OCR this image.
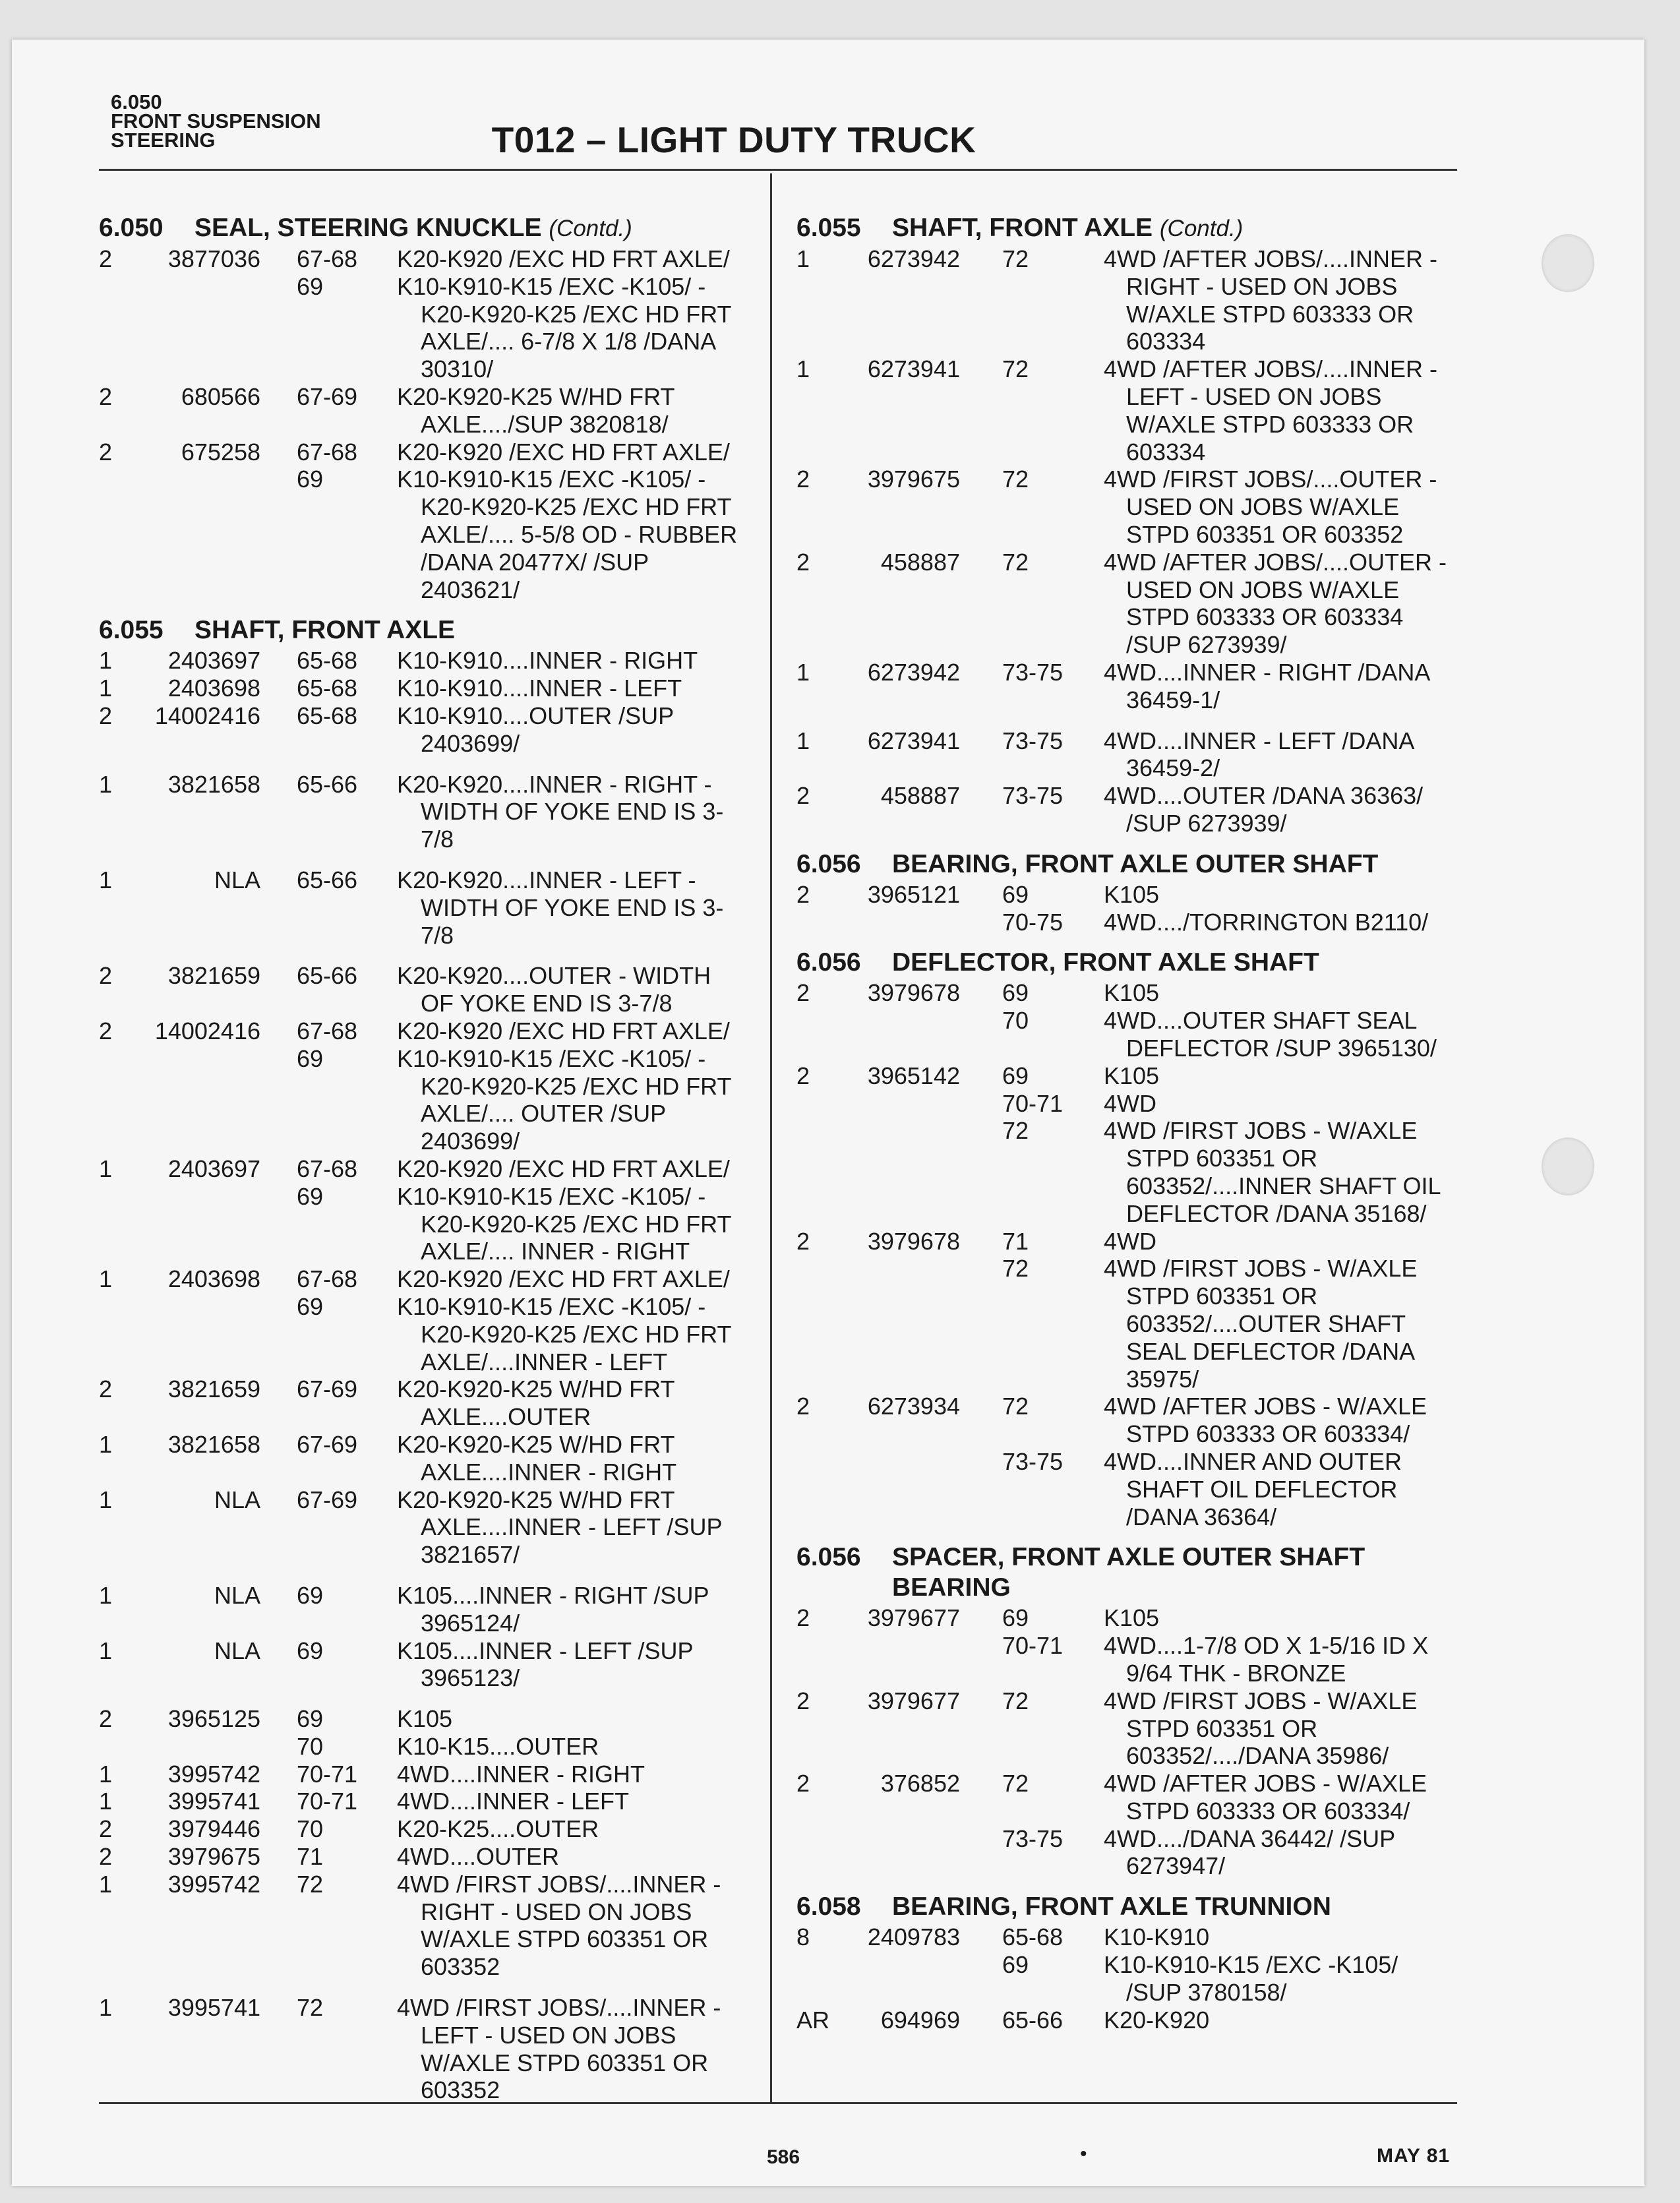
6.050
FRONT SUSPENSION
STEERING	T012 – LIGHT DUTY TRUCK
6.050 SEAL, STEERING KNUCKLE (Contd.)
2	3877036 67-68 K20-K920 /EXC HD FRT AXLE/
69	K10-K910-K15 /EXC -K105/ -
K20-K920-K25 /EXC HD FRT
AXLE/.... 6-7/8 X 1/8 /DANA
30310/
2	680566 67-69 K20-K920-K25 W/HD FRT
AXLE..../SUP 3820818/
2	675258 67-68 K20-K920 /EXC HD FRT AXLE/
69	K10-K910-K15 /EXC -K105/ -
K20-K920-K25 /EXC HD FRT
AXLE/.... 5-5/8 OD - RUBBER
/DANA 20477X/ /SUP
2403621/
6.055 SHAFT, FRONT AXLE
1	2403697 65-68 K10-K910....INNER - RIGHT
1	2403698 65-68 K10-K910....INNER - LEFT
2	14002416 65-68 K10-K910....OUTER /SUP
2403699/
1	3821658 65-66 K20-K920....INNER - RIGHT -
WIDTH OF YOKE END IS 3-
7/8
1	NLA 65-66 K20-K920....INNER - LEFT -
WIDTH OF YOKE END IS 3-
7/8
2	3821659 65-66 K20-K920....OUTER - WIDTH
OF YOKE END IS 3-7/8
2	14002416 67-68 K20-K920 /EXC HD FRT AXLE/
69	K10-K910-K15 /EXC -K105/ -
K20-K920-K25 /EXC HD FRT
AXLE/.... OUTER /SUP
2403699/
1	2403697 67-68 K20-K920 /EXC HD FRT AXLE/
69	K10-K910-K15 /EXC -K105/ -
K20-K920-K25 /EXC HD FRT
AXLE/.... INNER - RIGHT
1	2403698 67-68 K20-K920 /EXC HD FRT AXLE/
69	K10-K910-K15 /EXC -K105/ -
K20-K920-K25 /EXC HD FRT
AXLE/....INNER - LEFT
2	3821659 67-69 K20-K920-K25 W/HD FRT
AXLE....OUTER
1	3821658 67-69 K20-K920-K25 W/HD FRT
AXLE....INNER - RIGHT
1	NLA 67-69 K20-K920-K25 W/HD FRT
AXLE....INNER - LEFT /SUP
3821657/
1	NLA 69	K105....INNER - RIGHT /SUP
3965124/
1	NLA 69	K105....INNER - LEFT /SUP
3965123/
2	3965125 69	K105
70	K10-K15....OUTER
1	3995742 70-71 4WD....INNER - RIGHT
1	3995741 70-71 4WD....INNER - LEFT
2	3979446 70	K20-K25....OUTER
2	3979675 71	4WD....OUTER
1	3995742 72	4WD /FIRST JOBS/....INNER -
RIGHT - USED ON JOBS
W/AXLE STPD 603351 OR
603352
1	3995741 72	4WD /FIRST JOBS/....INNER -
LEFT - USED ON JOBS
W/AXLE STPD 603351 OR
603352
6.055 SHAFT, FRONT AXLE (Contd.)
1	6273942 72	4WD /AFTER JOBS/....INNER -
RIGHT - USED ON JOBS
W/AXLE STPD 603333 OR
603334
1	6273941 72	4WD /AFTER JOBS/....INNER -
LEFT - USED ON JOBS
W/AXLE STPD 603333 OR
603334
2	3979675 72	4WD /FIRST JOBS/....OUTER -
USED ON JOBS W/AXLE
STPD 603351 OR 603352
2	458887 72	4WD /AFTER JOBS/....OUTER -
USED ON JOBS W/AXLE
STPD 603333 OR 603334
/SUP 6273939/
1	6273942 73-75 4WD....INNER - RIGHT /DANA
36459-1/
1	6273941 73-75 4WD....INNER - LEFT /DANA
36459-2/
2	458887 73-75 4WD....OUTER /DANA 36363/
/SUP 6273939/
6.056 BEARING, FRONT AXLE OUTER SHAFT
2	3965121 69	K105
70-75 4WD..../TORRINGTON B2110/
6.056 DEFLECTOR, FRONT AXLE SHAFT
2	3979678 69	K105
70	4WD....OUTER SHAFT SEAL
DEFLECTOR /SUP 3965130/
2	3965142 69	K105
70-71 4WD
72	4WD /FIRST JOBS - W/AXLE
STPD 603351 OR
603352/....INNER SHAFT OIL
DEFLECTOR /DANA 35168/
2	3979678 71	4WD
72	4WD /FIRST JOBS - W/AXLE
STPD 603351 OR
603352/....OUTER SHAFT
SEAL DEFLECTOR /DANA
35975/
2	6273934 72	4WD /AFTER JOBS - W/AXLE
STPD 603333 OR 603334/
73-75 4WD....INNER AND OUTER
SHAFT OIL DEFLECTOR
/DANA 36364/
6.056 SPACER, FRONT AXLE OUTER SHAFT
BEARING
2	3979677 69	K105
70-71 4WD....1-7/8 OD X 1-5/16 ID X
9/64 THK - BRONZE
2	3979677 72	4WD /FIRST JOBS - W/AXLE
STPD 603351 OR
603352/..../DANA 35986/
2	376852 72	4WD /AFTER JOBS - W/AXLE
STPD 603333 OR 603334/
73-75 4WD..../DANA 36442/ /SUP
6273947/
6.058 BEARING, FRONT AXLE TRUNNION
8	2409783 65-68 K10-K910
69	K10-K910-K15 /EXC -K105/
/SUP 3780158/
AR	694969 65-66 K20-K920
586	•	MAY 81
